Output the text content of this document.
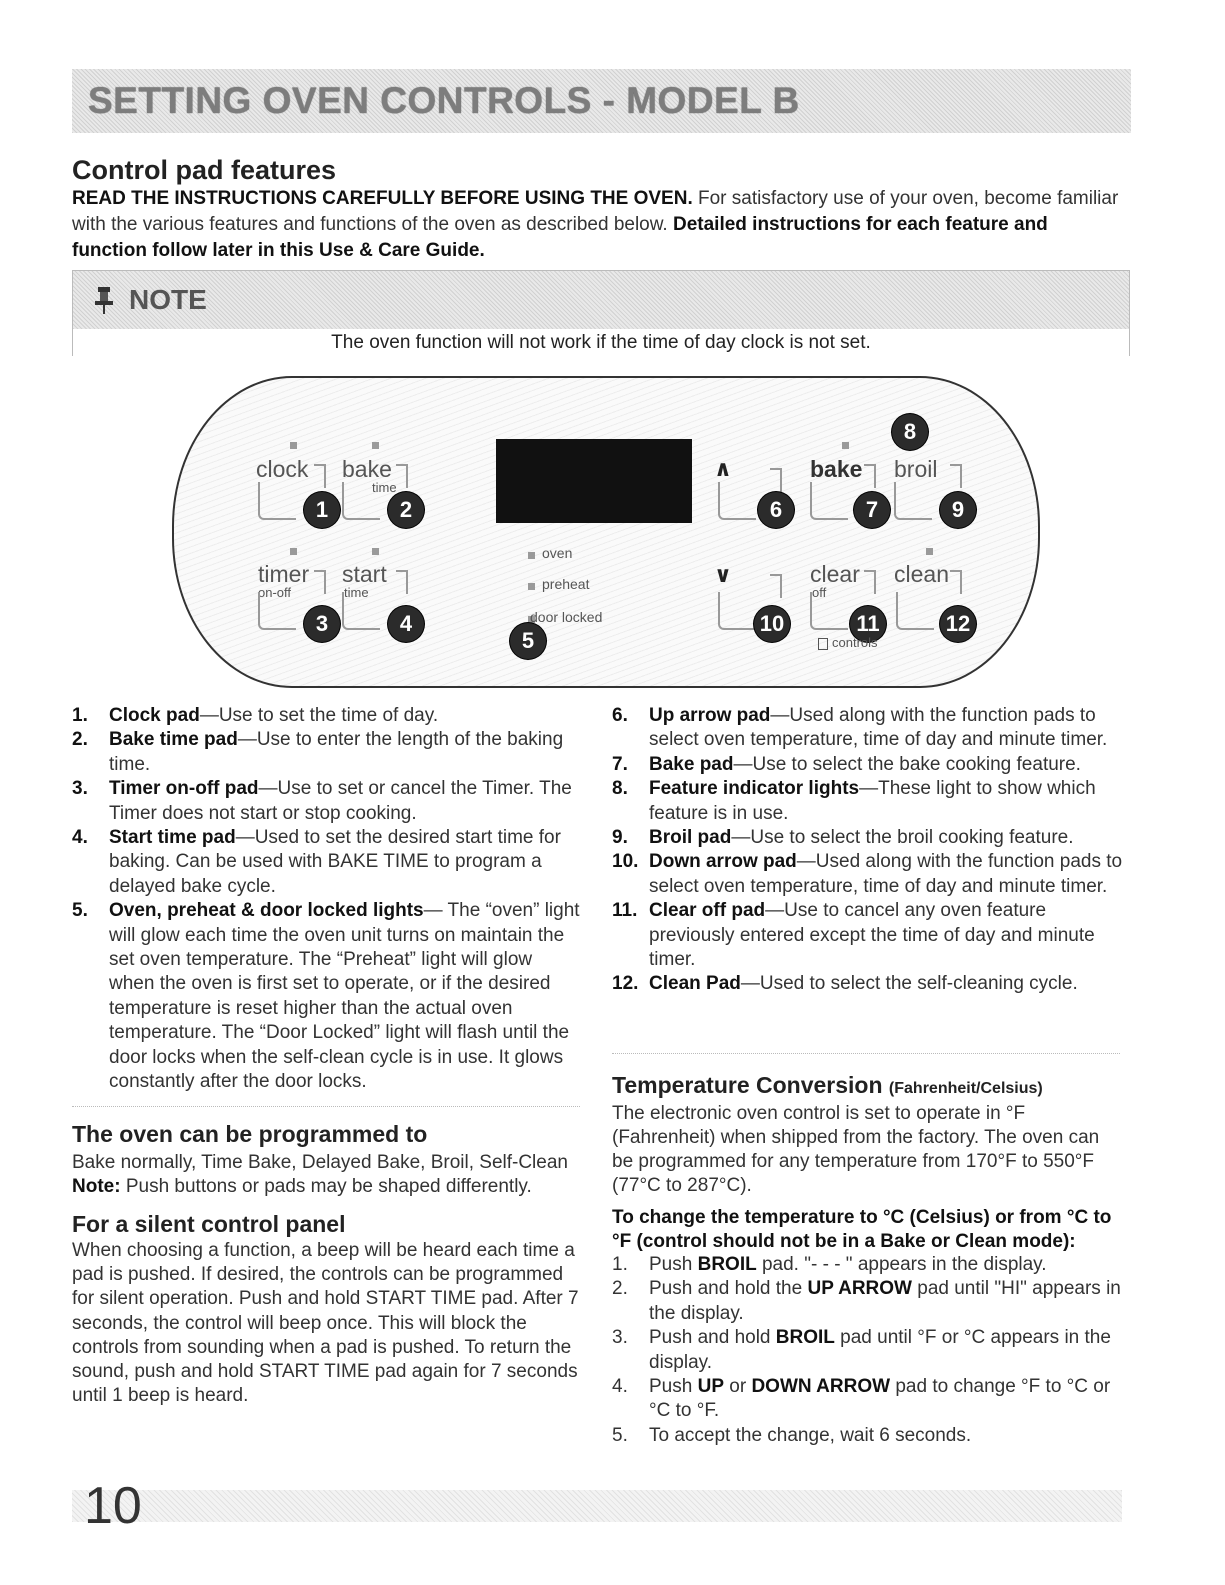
SETTING OVEN CONTROLS - MODEL B
Control pad features

READ THE INSTRUCTIONS CAREFULLY BEFORE USING THE OVEN. For satisfactory use of your oven, become familiar with the various features and functions of the oven as described below. Detailed instructions for each feature and function follow later in this Use & Care Guide.

NOTE
The oven function will not work if the time of day clock is not set.
clock
1
bake
time
2
timer
on-off
3
start
time
4
oven
preheat
door locked
5
∧
6
bake
7
broil
8
9
∨
10
clear
off
11
controls
clean
12
1. Clock pad—Use to set the time of day.
2. Bake time pad—Use to enter the length of the baking time.
3. Timer on-off pad—Use to set or cancel the Timer. The Timer does not start or stop cooking.
4. Start time pad—Used to set the desired start time for baking. Can be used with BAKE TIME to program a delayed bake cycle.
5. Oven, preheat & door locked lights— The “oven” light will glow each time the oven unit turns on maintain the set oven temperature. The “Preheat” light will glow when the oven is first set to operate, or if the desired temperature is reset higher than the actual oven temperature. The “Door Locked” light will flash until the door locks when the self-clean cycle is in use. It glows constantly after the door locks.
6. Up arrow pad—Used along with the function pads to select oven temperature, time of day and minute timer.
7. Bake pad—Use to select the bake cooking feature.
8. Feature indicator lights—These light to show which feature is in use.
9. Broil pad—Use to select the broil cooking feature.
10. Down arrow pad—Used along with the function pads to select oven temperature, time of day and minute timer.
11. Clear off pad—Use to cancel any oven feature previously entered except the time of day and minute timer.
12. Clean Pad—Used to select the self-cleaning cycle.
The oven can be programmed to

Bake normally, Time Bake, Delayed Bake, Broil, Self-Clean

Note: Push buttons or pads may be shaped differently.

For a silent control panel

When choosing a function, a beep will be heard each time a pad is pushed. If desired, the controls can be programmed for silent operation. Push and hold START TIME pad. After 7 seconds, the control will beep once. This will block the controls from sounding when a pad is pushed. To return the sound, push and hold START TIME pad again for 7 seconds until 1 beep is heard.

Temperature Conversion (Fahrenheit/Celsius)

The electronic oven control is set to operate in °F (Fahrenheit) when shipped from the factory. The oven can be programmed for any temperature from 170°F to 550°F (77°C to 287°C).

To change the temperature to °C (Celsius) or from °C to °F (control should not be in a Bake or Clean mode):

1. Push BROIL pad. "- - - " appears in the display.
2. Push and hold the UP ARROW pad until "HI" appears in the display.
3. Push and hold BROIL pad until °F or °C appears in the display.
4. Push UP or DOWN ARROW pad to change °F to °C or °C to °F.
5. To accept the change, wait 6 seconds.
10
